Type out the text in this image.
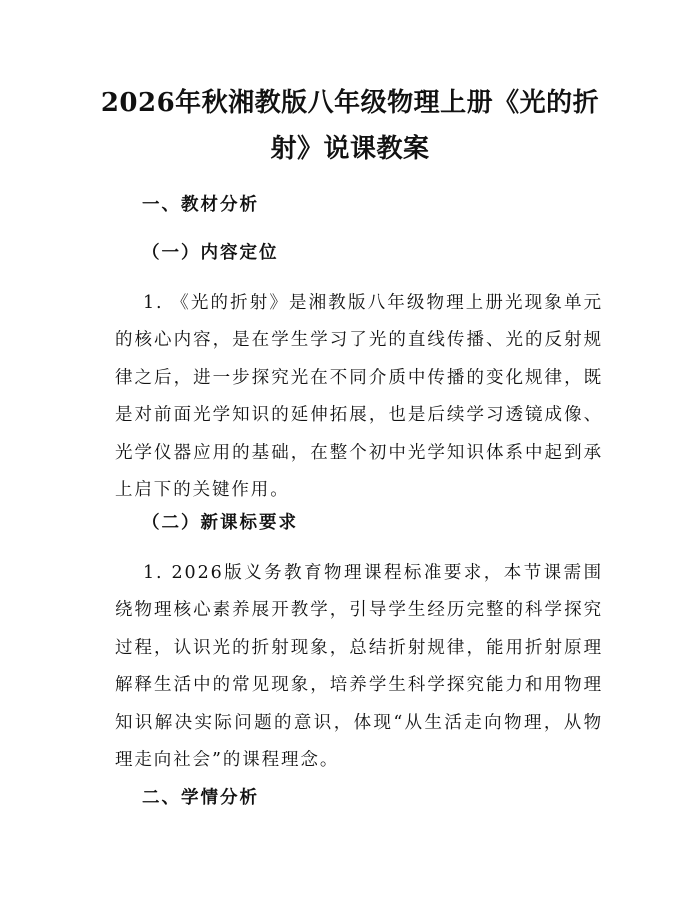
2026年秋湘教版八年级物理上册《光的折
射》说课教案
一、教材分析
（一）内容定位

1. 《光的折射》是湘教版八年级物理上册光现象单元的核心内容，是在学生学习了光的直线传播、光的反射规律之后，进一步探究光在不同介质中传播的变化规律，既是对前面光学知识的延伸拓展，也是后续学习透镜成像、光学仪器应用的基础，在整个初中光学知识体系中起到承上启下的关键作用。

（二）新课标要求

1. 2026版义务教育物理课程标准要求，本节课需围绕物理核心素养展开教学，引导学生经历完整的科学探究过程，认识光的折射现象，总结折射规律，能用折射原理解释生活中的常见现象，培养学生科学探究能力和用物理知识解决实际问题的意识，体现“从生活走向物理，从物理走向社会”的课程理念。

二、学情分析
